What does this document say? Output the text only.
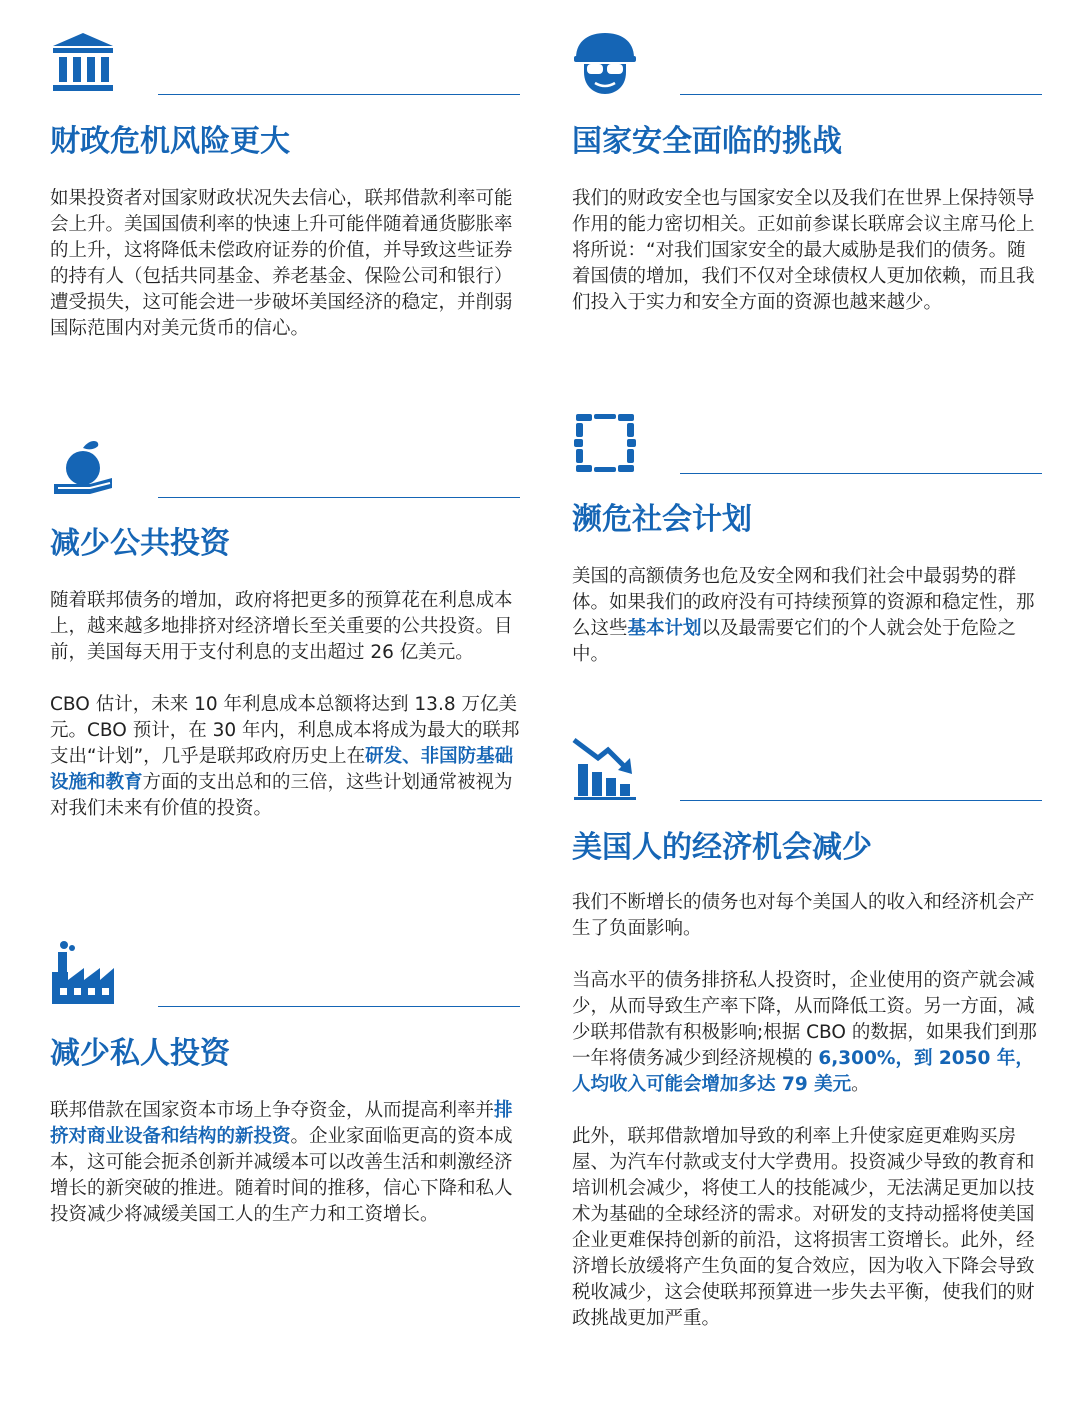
财政危机风险更大

如果投资者对国家财政状况失去信心，联邦借款利率可能会上升。美国国债利率的快速上升可能伴随着通货膨胀率的上升，这将降低未偿政府证券的价值，并导致这些证券的持有人（包括共同基金、养老基金、保险公司和银行）遭受损失，这可能会进一步破坏美国经济的稳定，并削弱国际范围内对美元货币的信心。

减少公共投资

随着联邦债务的增加，政府将把更多的预算花在利息成本上，越来越多地排挤对经济增长至关重要的公共投资。目前，美国每天用于支付利息的支出超过 26 亿美元。

CBO 估计，未来 10 年利息成本总额将达到 13.8 万亿美元。CBO 预计，在 30 年内，利息成本将成为最大的联邦支出“计划”，几乎是联邦政府历史上在研发、非国防基础设施和教育方面的支出总和的三倍，这些计划通常被视为对我们未来有价值的投资。

减少私人投资

联邦借款在国家资本市场上争夺资金，从而提高利率并排挤对商业设备和结构的新投资。企业家面临更高的资本成本，这可能会扼杀创新并减缓本可以改善生活和刺激经济增长的新突破的推进。随着时间的推移，信心下降和私人投资减少将减缓美国工人的生产力和工资增长。

国家安全面临的挑战

我们的财政安全也与国家安全以及我们在世界上保持领导作用的能力密切相关。正如前参谋长联席会议主席马伦上将所说：“对我们国家安全的最大威胁是我们的债务。随着国债的增加，我们不仅对全球债权人更加依赖，而且我们投入于实力和安全方面的资源也越来越少。

濒危社会计划

美国的高额债务也危及安全网和我们社会中最弱势的群体。如果我们的政府没有可持续预算的资源和稳定性，那么这些基本计划以及最需要它们的个人就会处于危险之中。

美国人的经济机会减少

我们不断增长的债务也对每个美国人的收入和经济机会产生了负面影响。

当高水平的债务排挤私人投资时，企业使用的资产就会减少，从而导致生产率下降，从而降低工资。另一方面，减少联邦借款有积极影响;根据 CBO 的数据，如果我们到那一年将债务减少到经济规模的 6,300%，到 2050 年，人均收入可能会增加多达 79 美元。

此外，联邦借款增加导致的利率上升使家庭更难购买房屋、为汽车付款或支付大学费用。投资减少导致的教育和培训机会减少，将使工人的技能减少，无法满足更加以技术为基础的全球经济的需求。对研发的支持动摇将使美国企业更难保持创新的前沿，这将损害工资增长。此外，经济增长放缓将产生负面的复合效应，因为收入下降会导致税收减少，这会使联邦预算进一步失去平衡，使我们的财政挑战更加严重。
